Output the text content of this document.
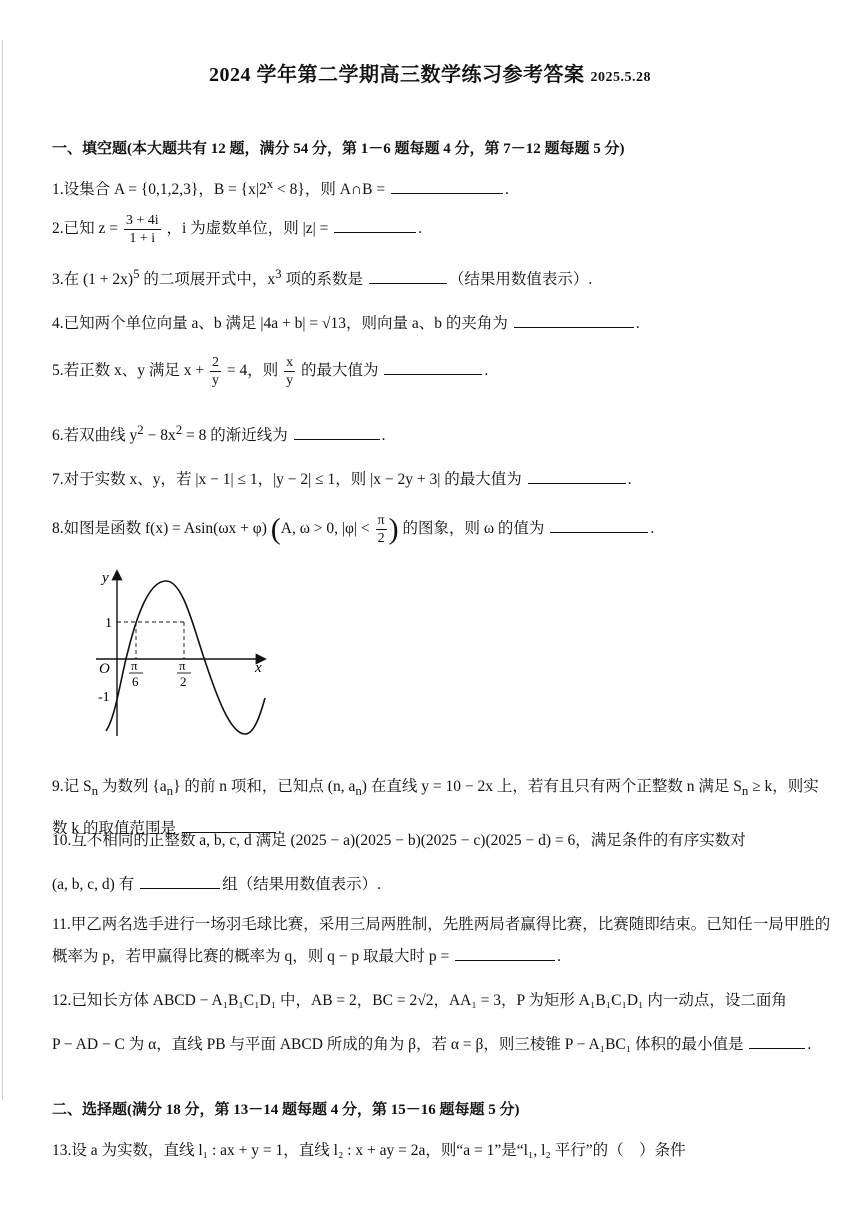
2024 学年第二学期高三数学练习参考答案 2025.5.28
一、填空题(本大题共有 12 题，满分 54 分，第 1－6 题每题 4 分，第 7－12 题每题 5 分)
1.设集合 A = {0,1,2,3}，$B = \{x|2^x < 8\}$，则 A∩B =	.
2.已知 $z = \frac{3 + 4i}{1 + i}$ ，i 为虚数单位，则 |z| =	.
3.在 $(1 + 2x)^5$ 的二项展开式中，$x^3$ 项的系数是	（结果用数值表示）.
4.已知两个单位向量 a、b 满足 |4a + b| = √13，则向量 a、b 的夹角为	.
5.若正数 x、y 满足 $x + \frac{2}{y} = 4$，则 $\frac{x}{y}$ 的最大值为	.
6.若双曲线 $y^2 - 8x^2 = 8$ 的渐近线为	.
7.对于实数 x、y，若 |x − 1| ≤ 1，|y − 2| ≤ 1，则 |x − 2y + 3| 的最大值为	.
8.如图是函数 f(x) = Asin(ωx + φ) (A, ω > 0, $|\varphi| < \frac{\pi}{2}$ ) 的图象，则 ω 的值为	.
y
x
O
1
-1
π
6
π
2
9.记 $S_n$ 为数列 $\{a_n\}$ 的前 n 项和，已知点 (n, $a_n$) 在直线 y = 10 − 2x 上，若有且只有两个正整数 n 满足 $S_n \ge k$，则实
数 k 的取值范围是	.
10.互不相同的正整数 a, b, c, d 满足 (2025 − a)(2025 − b)(2025 − c)(2025 − d) = 6，满足条件的有序实数对
(a, b, c, d) 有	组（结果用数值表示）.
11.甲乙两名选手进行一场羽毛球比赛，采用三局两胜制，先胜两局者赢得比赛，比赛随即结束。已知任一局甲胜的
概率为 p，若甲赢得比赛的概率为 q，则 q − p 取最大时 p =	.
12.已知长方体 ABCD − A₁B₁C₁D₁ 中，AB = 2，BC = 2√2，AA₁ = 3，P 为矩形 A₁B₁C₁D₁ 内一动点，设二面角
P − AD − C 为 α，直线 PB 与平面 ABCD 所成的角为 β，若 α = β，则三棱锥 P − A₁BC₁ 体积的最小值是	.
二、选择题(满分 18 分，第 13－14 题每题 4 分，第 15－16 题每题 5 分)
13.设 a 为实数，直线 l₁ : ax + y = 1，直线 l₂ : x + ay = 2a，则“a = 1”是“l₁, l₂ 平行”的（　）条件
